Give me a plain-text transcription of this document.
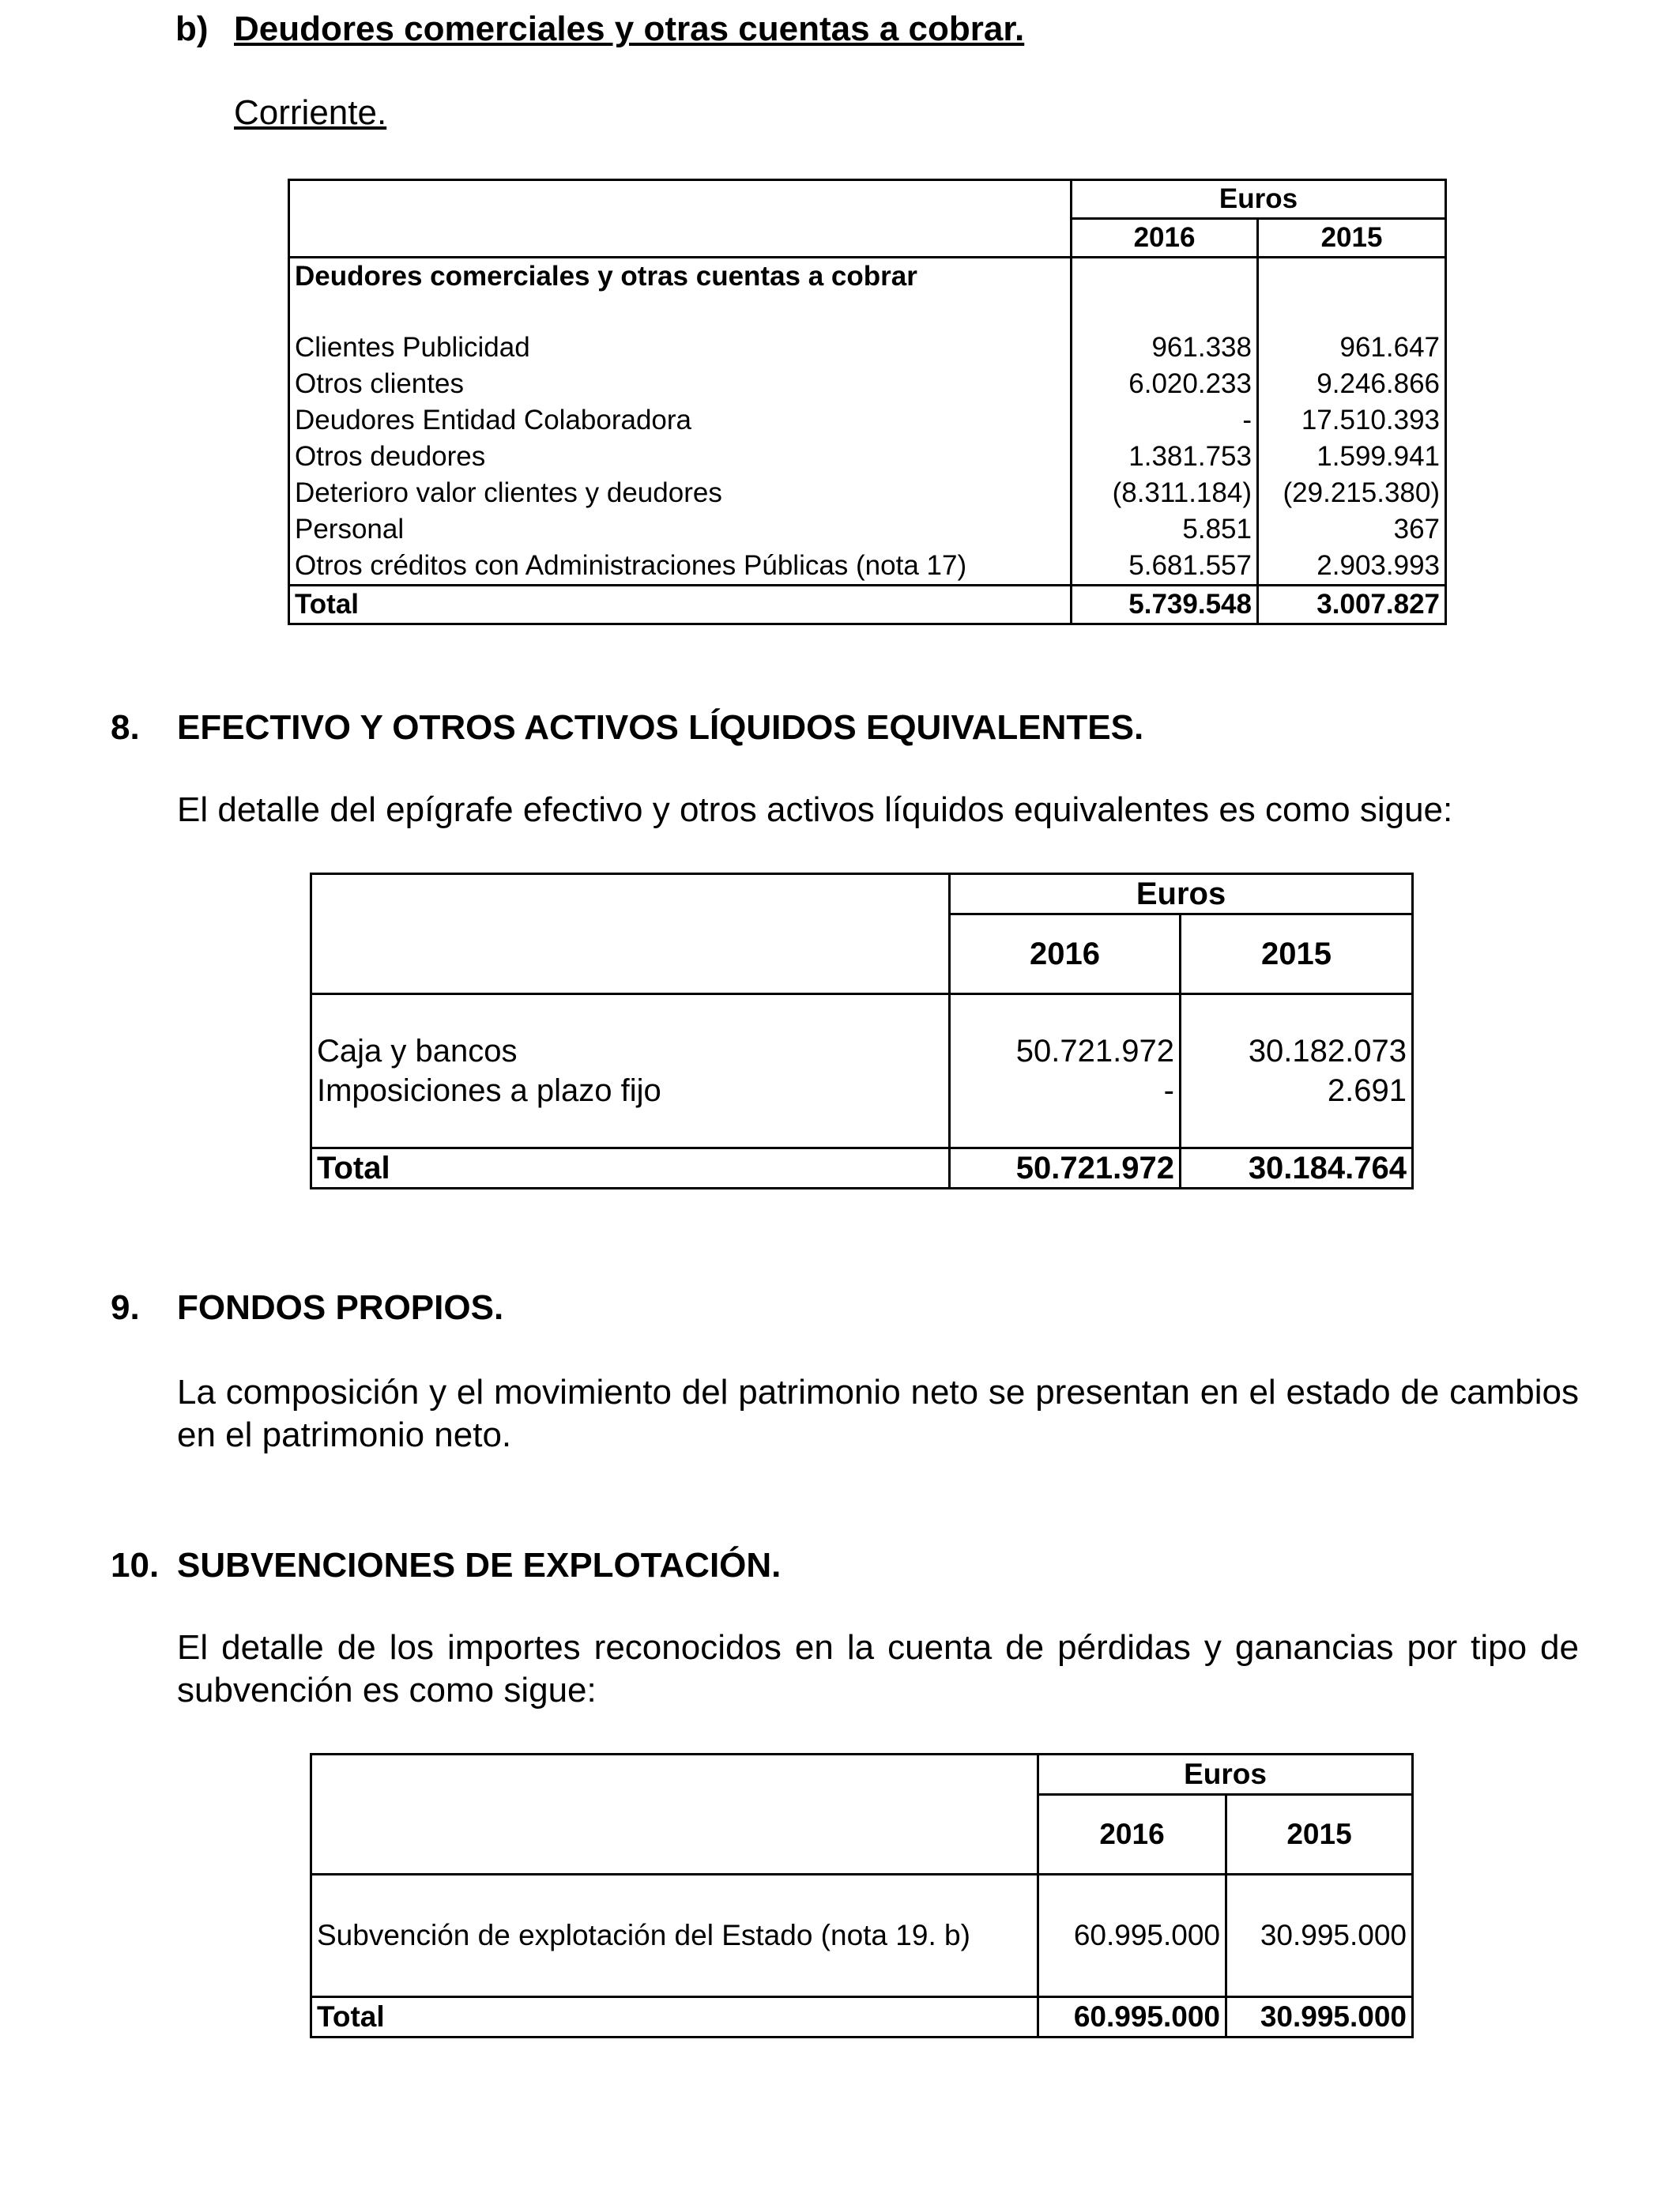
b) Deudores comerciales y otras cuentas a cobrar.
Corriente.
	Euros	
	2016	2015
Deudores comerciales y otras cuentas a cobrar		

Clientes Publicidad	961.338	961.647
Otros clientes	6.020.233	9.246.866
Deudores Entidad Colaboradora	-	17.510.393
Otros deudores	1.381.753	1.599.941
Deterioro valor clientes y deudores	(8.311.184)	(29.215.380)
Personal	5.851	367
Otros créditos con Administraciones Públicas (nota 17)	5.681.557	2.903.993
Total	5.739.548	3.007.827
8. EFECTIVO Y OTROS ACTIVOS LÍQUIDOS EQUIVALENTES.
El detalle del epígrafe efectivo y otros activos líquidos equivalentes es como sigue:
	Euros	
	2016	2015

Caja y bancos	50.721.972	30.182.073
Imposiciones a plazo fijo	-	2.691

Total	50.721.972	30.184.764
9. FONDOS PROPIOS.
La composición y el movimiento del patrimonio neto se presentan en el estado de cambios en el patrimonio neto.
10. SUBVENCIONES DE EXPLOTACIÓN.
El detalle de los importes reconocidos en la cuenta de pérdidas y ganancias por tipo de subvención es como sigue:
	Euros	
	2016	2015
Subvención de explotación del Estado (nota 19. b)	60.995.000	30.995.000
Total	60.995.000	30.995.000
